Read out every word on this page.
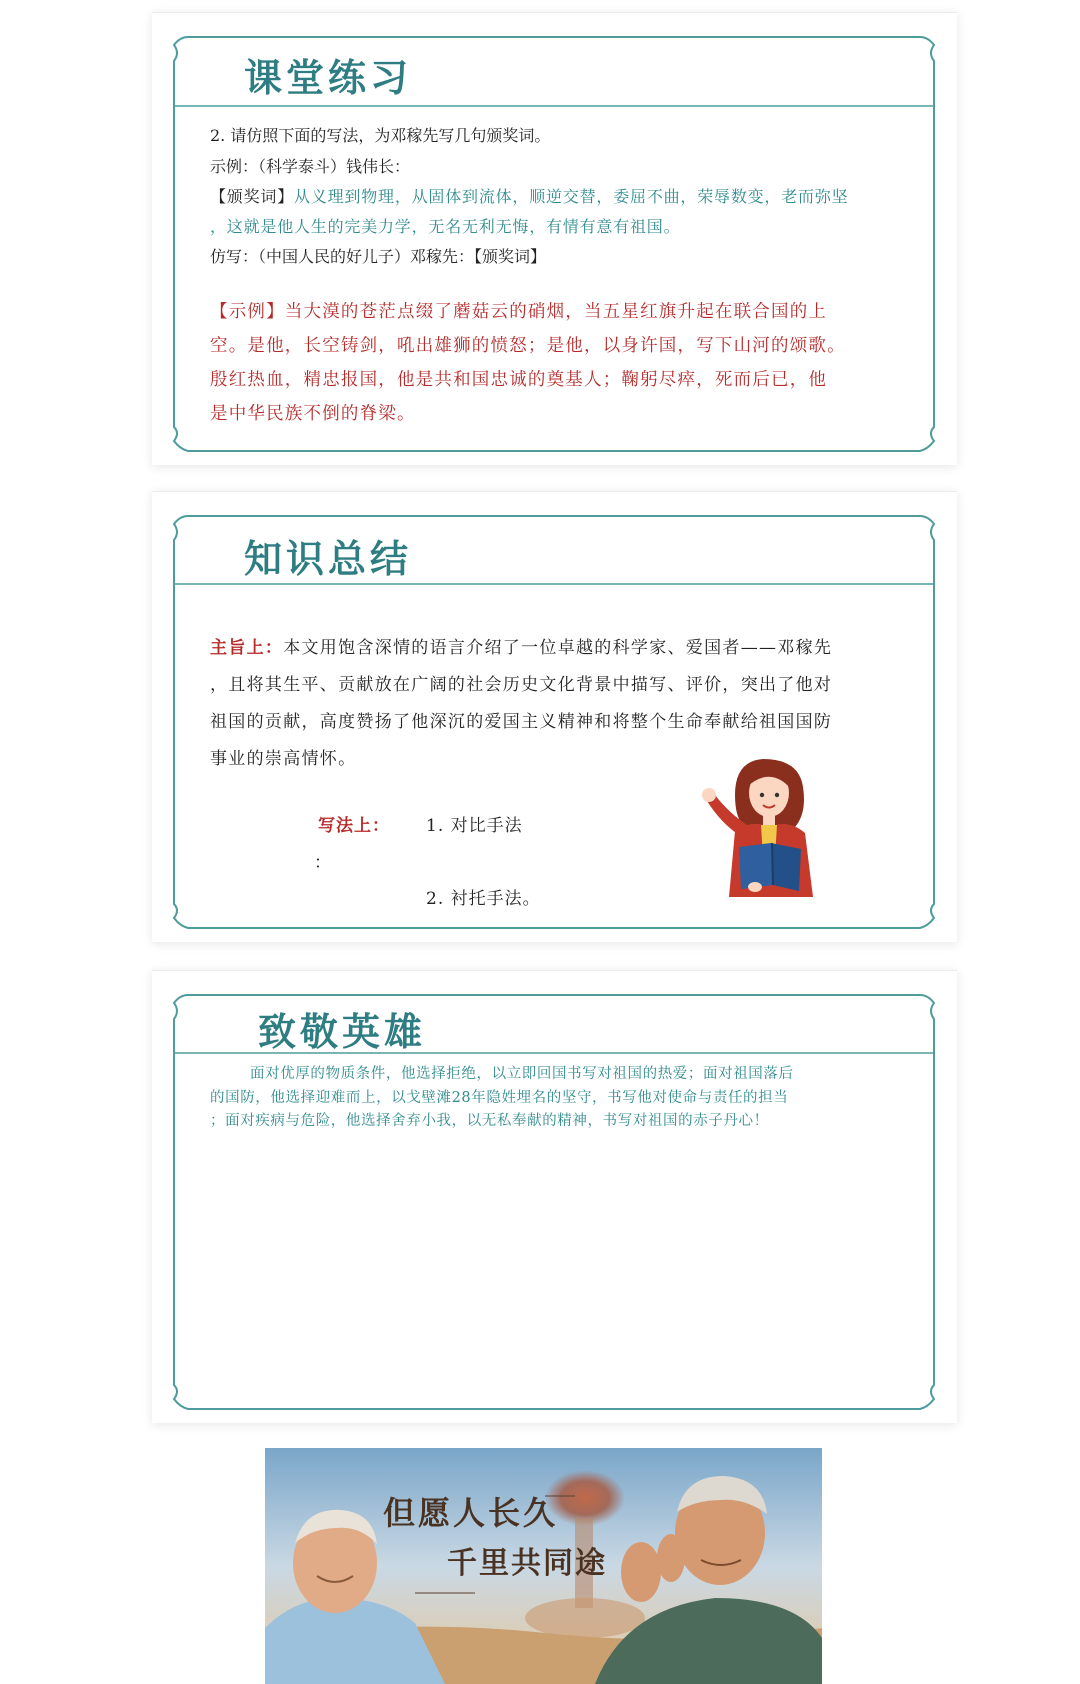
课堂练习
2. 请仿照下面的写法，为邓稼先写几句颁奖词。
示例：（科学泰斗）钱伟长：
【颁奖词】从义理到物理，从固体到流体，顺逆交替，委屈不曲，荣辱数变，老而弥坚
，这就是他人生的完美力学，无名无利无悔，有情有意有祖国。
仿写：（中国人民的好儿子）邓稼先：【颁奖词】
【示例】当大漠的苍茫点缀了蘑菇云的硝烟，当五星红旗升起在联合国的上
空。是他，长空铸剑，吼出雄狮的愤怒；是他，以身许国，写下山河的颂歌。
殷红热血，精忠报国，他是共和国忠诚的奠基人；鞠躬尽瘁，死而后已，他
是中华民族不倒的脊梁。
知识总结
主旨上：本文用饱含深情的语言介绍了一位卓越的科学家、爱国者——邓稼先
，且将其生平、贡献放在广阔的社会历史文化背景中描写、评价，突出了他对
祖国的贡献，高度赞扬了他深沉的爱国主义精神和将整个生命奉献给祖国国防
事业的崇高情怀。
写法上：
：
1. 对比手法
2. 衬托手法。
致敬英雄
面对优厚的物质条件，他选择拒绝，以立即回国书写对祖国的热爱；面对祖国落后
的国防，他选择迎难而上，以戈壁滩28年隐姓埋名的坚守，书写他对使命与责任的担当
；面对疾病与危险，他选择舍弃小我，以无私奉献的精神，书写对祖国的赤子丹心！
但愿人长久
千里共同途
